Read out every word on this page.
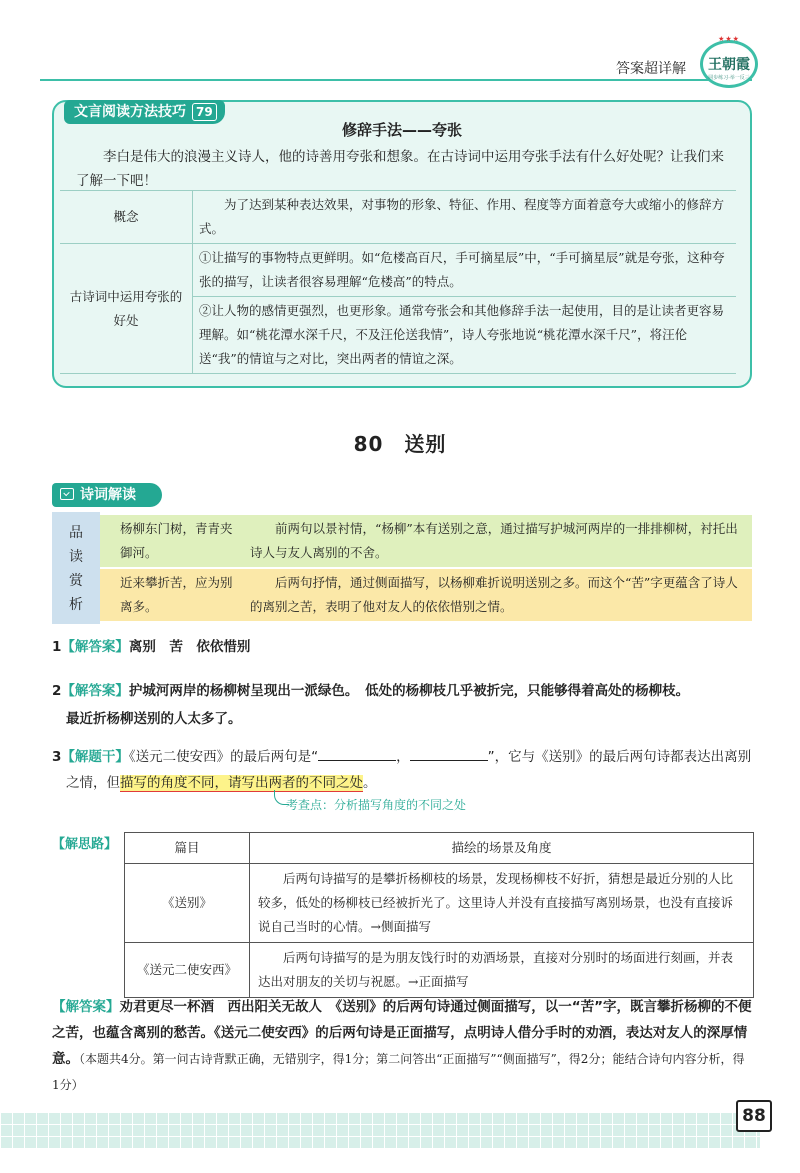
答案超详解
★★★
王朝霞
同步练习·举一反三
文言阅读方法技巧 79
修辞手法——夸张
李白是伟大的浪漫主义诗人，他的诗善用夸张和想象。在古诗词中运用夸张手法有什么好处呢？让我们来了解一下吧！
概念	为了达到某种表达效果，对事物的形象、特征、作用、程度等方面着意夸大或缩小的修辞方式。
古诗词中运用夸张的好处	①让描写的事物特点更鲜明。如“危楼高百尺，手可摘星辰”中，“手可摘星辰”就是夸张，这种夸张的描写，让读者很容易理解“危楼高”的特点。
	②让人物的感情更强烈，也更形象。通常夸张会和其他修辞手法一起使用，目的是让读者更容易理解。如“桃花潭水深千尺，不及汪伦送我情”，诗人夸张地说“桃花潭水深千尺”，将汪伦送“我”的情谊与之对比，突出两者的情谊之深。
80　送别
诗词解读
品
读
赏
析
杨柳东门树，青青夹御河。
前两句以景衬情，“杨柳”本有送别之意，通过描写护城河两岸的一排排柳树，衬托出诗人与友人离别的不舍。
近来攀折苦，应为别离多。
后两句抒情，通过侧面描写，以杨柳难折说明送别之多。而这个“苦”字更蕴含了诗人的离别之苦，表明了他对友人的依依惜别之情。
1【解答案】离别　苦　依依惜别
2【解答案】护城河两岸的杨柳树呈现出一派绿色。　低处的杨柳枝几乎被折完，只能够得着高处的杨柳枝。
最近折杨柳送别的人太多了。
3【解题干】《送元二使安西》的最后两句是“	，	”，它与《送别》的最后两句诗都表达出离别
之情，但描写的角度不同，请写出两者的不同之处。
考查点：分析描写角度的不同之处
【解思路】	篇目	描绘的场景及角度
《送别》	后两句诗描写的是攀折杨柳枝的场景，发现杨柳枝不好折，猜想是最近分别的人比较多，低处的杨柳枝已经被折光了。这里诗人并没有直接描写离别场景，也没有直接诉说自己当时的心情。→侧面描写
《送元二使安西》	后两句诗描写的是为朋友饯行时的劝酒场景，直接对分别时的场面进行刻画，并表达出对朋友的关切与祝愿。→正面描写
【解答案】劝君更尽一杯酒　西出阳关无故人　《送别》的后两句诗通过侧面描写，以一“苦”字，既言攀折杨柳的不便之苦，也蕴含离别的愁苦。《送元二使安西》的后两句诗是正面描写，点明诗人借分手时的劝酒，表达对友人的深厚情意。（本题共4分。第一问古诗背默正确，无错别字，得1分；第二问答出“正面描写”“侧面描写”，得2分；能结合诗句内容分析，得1分）
88
